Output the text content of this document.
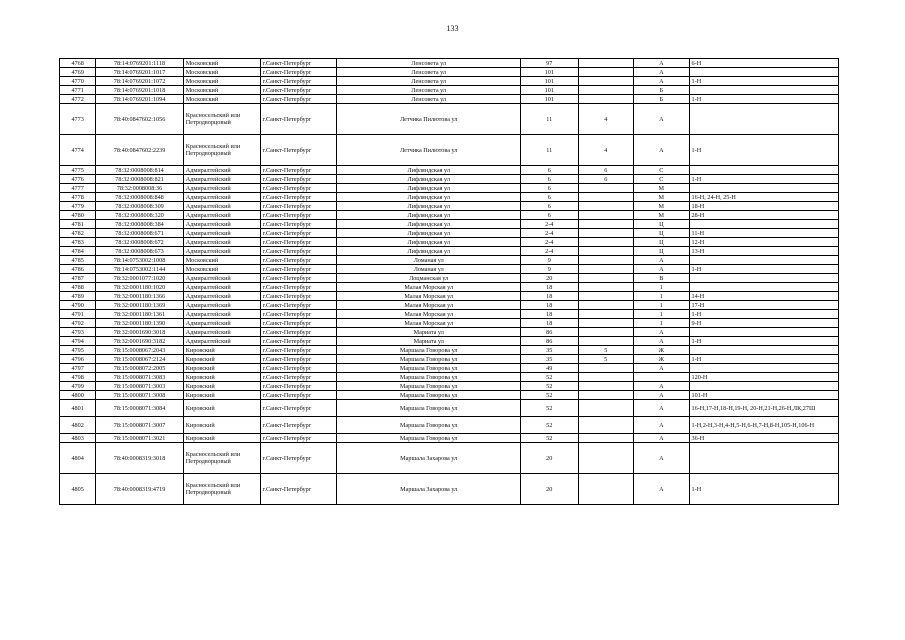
133
4768	78:14:0769201:1118	Московский	г.Санкт-Петербург	Ленсовета ул	97		А	6-Н
4769	78:14:0769201:1017	Московский	г.Санкт-Петербург	Ленсовета ул	101		А	
4770	78:14:0769201:1072	Московский	г.Санкт-Петербург	Ленсовета ул	101		А	1-Н
4771	78:14:0769201:1018	Московский	г.Санкт-Петербург	Ленсовета ул	101		Б	
4772	78:14:0769201:1094	Московский	г.Санкт-Петербург	Ленсовета ул	101		Б	1-Н
4773	78:40:0847602:1056	Красносельский или Петродворцовый	г.Санкт-Петербург	Летчика Пилютова ул	11	4	А	
4774	78:40:0847602:2239	Красносельский или Петродворцовый	г.Санкт-Петербург	Летчика Пилютова ул	11	4	А	1-Н
4775	78:32:0008008:814	Адмиралтейский	г.Санкт-Петербург	Лифляндская ул	6	6	С	
4776	78:32:0008008:821	Адмиралтейский	г.Санкт-Петербург	Лифляндская ул	6	6	С	1-Н
4777	78:32:0008008:36	Адмиралтейский	г.Санкт-Петербург	Лифляндская ул	6		М	
4778	78:32:0008008:848	Адмиралтейский	г.Санкт-Петербург	Лифляндская ул	6		М	16-Н, 24-Н, 25-Н
4779	78:32:0008008:309	Адмиралтейский	г.Санкт-Петербург	Лифляндская ул	6		М	18-Н
4780	78:32:0008008:320	Адмиралтейский	г.Санкт-Петербург	Лифляндская ул	6		М	28-Н
4781	78:32:0008008:384	Адмиралтейский	г.Санкт-Петербург	Лифляндская ул	2-4		Ц	
4782	78:32:0008008:671	Адмиралтейский	г.Санкт-Петербург	Лифляндская ул	2-4		Ц	11-Н
4783	78:32:0008008:672	Адмиралтейский	г.Санкт-Петербург	Лифляндская ул	2-4		Ц	12-Н
4784	78:32:0008008:673	Адмиралтейский	г.Санкт-Петербург	Лифляндская ул	2-4		Ц	13-Н
4785	78:14:0753002:1008	Московский	г.Санкт-Петербург	Ломаная ул	9		А	
4786	78:14:0753002:1144	Московский	г.Санкт-Петербург	Ломаная ул	9		А	1-Н
4787	78:32:0001077:1020	Адмиралтейский	г.Санкт-Петербург	Лоцманская ул	20		В	
4788	78:32:0001180:1020	Адмиралтейский	г.Санкт-Петербург	Малая Морская ул	18		1	
4789	78:32:0001180:1366	Адмиралтейский	г.Санкт-Петербург	Малая Морская ул	18		1	14-Н
4790	78:32:0001180:1369	Адмиралтейский	г.Санкт-Петербург	Малая Морская ул	18		1	17-Н
4791	78:32:0001180:1361	Адмиралтейский	г.Санкт-Петербург	Малая Морская ул	18		1	1-Н
4792	78:32:0001180:1390	Адмиралтейский	г.Санкт-Петербург	Малая Морская ул	18		1	9-Н
4793	78:32:0001690:3018	Адмиралтейский	г.Санкт-Петербург	Мариата ул	86		А	
4794	78:32:0001690:3182	Адмиралтейский	г.Санкт-Петербург	Мариата ул	86		А	1-Н
4795	78:15:0008067:2043	Кировский	г.Санкт-Петербург	Маршала Говорова ул	35	5	Ж	
4796	78:15:0008067:2124	Кировский	г.Санкт-Петербург	Маршала Говорова ул	35	5	Ж	1-Н
4797	78:15:0008072:2005	Кировский	г.Санкт-Петербург	Маршала Говорова ул	49		А	
4798	78:15:0008071:3083	Кировский	г.Санкт-Петербург	Маршала Говорова ул	52			120-Н
4799	78:15:0008071:3003	Кировский	г.Санкт-Петербург	Маршала Говорова ул	52		А	
4800	78:15:0008071:3008	Кировский	г.Санкт-Петербург	Маршала Говорова ул	52		А	101-Н
4801	78:15:0008071:3084	Кировский	г.Санкт-Петербург	Маршала Говорова ул	52		А	16-Н,17-Н,18-Н,19-Н, 20-Н,21-Н,26-Н,ЛК,27Ш
4802	78:15:0008071:3007	Кировский	г.Санкт-Петербург	Маршала Говорова ул	52		А	1-Н,2-Н,3-Н,4-Н,5-Н,6-Н,7-Н,8-Н,105-Н,106-Н
4803	78:15:0008071:3021	Кировский	г.Санкт-Петербург	Маршала Говорова ул	52		А	36-Н
4804	78:40:0008319:3018	Красносельский или Петродворцовый	г.Санкт-Петербург	Маршала Захарова ул	20		А	
4805	78:40:0008319:4719	Красносельский или Петродворцовый	г.Санкт-Петербург	Маршала Захарова ул	20		А	1-Н
